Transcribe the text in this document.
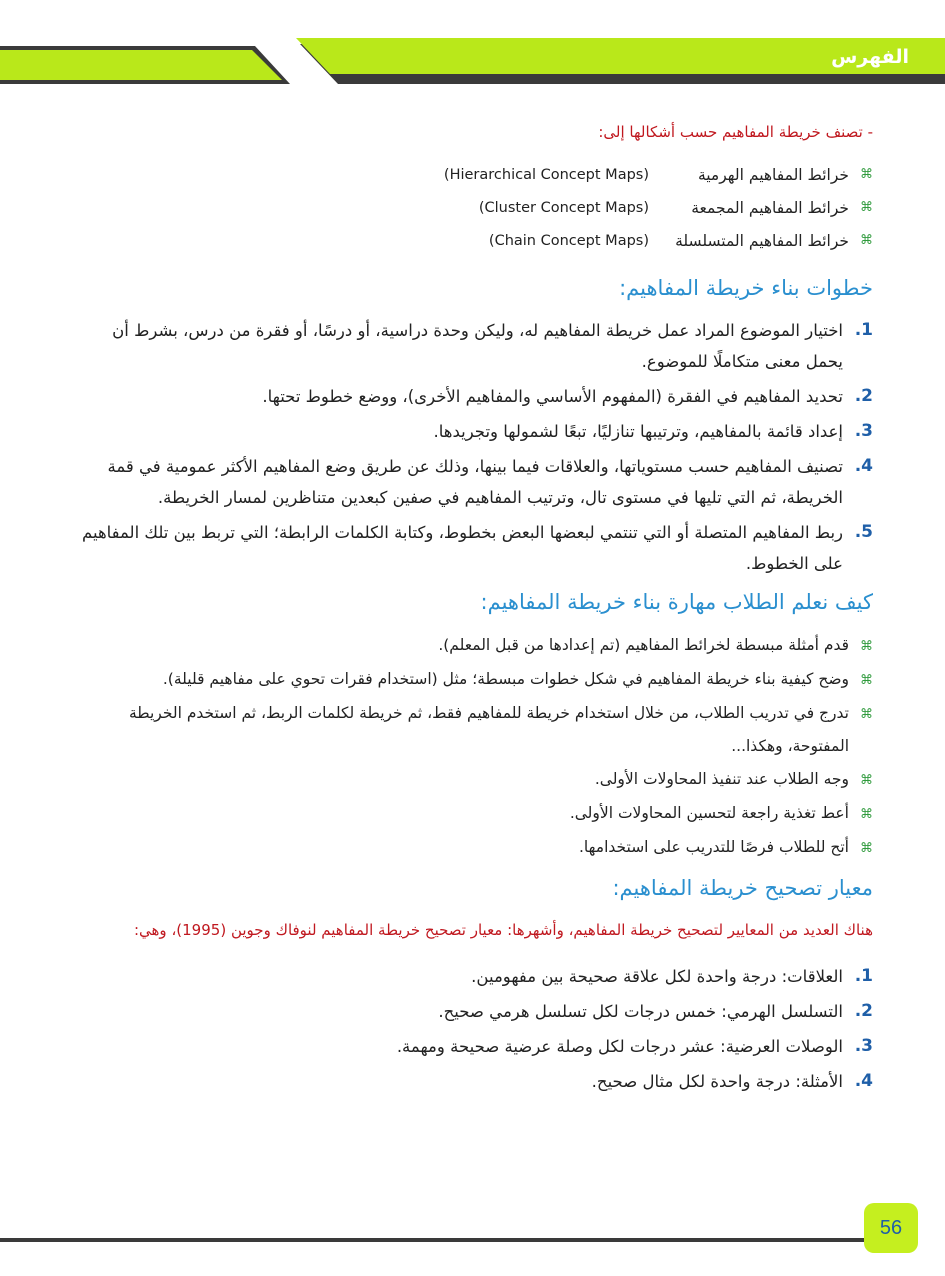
الفهرس

- تصنف خريطة المفاهيم حسب أشكالها إلى:

⌘
خرائط المفاهيم الهرمية
(Hierarchical Concept Maps)
⌘
خرائط المفاهيم المجمعة
(Cluster Concept Maps)
⌘
خرائط المفاهيم المتسلسلة
(Chain Concept Maps)
خطوات بناء خريطة المفاهيم:
1.
اختيار الموضوع المراد عمل خريطة المفاهيم له، وليكن وحدة دراسية، أو درسًا، أو فقرة من درس، بشرط أن يحمل معنى متكاملًا للموضوع.
2.
تحديد المفاهيم في الفقرة (المفهوم الأساسي والمفاهيم الأخرى)، ووضع خطوط تحتها.
3.
إعداد قائمة بالمفاهيم، وترتيبها تنازليًا، تبعًا لشمولها وتجريدها.
4.
تصنيف المفاهيم حسب مستوياتها، والعلاقات فيما بينها، وذلك عن طريق وضع المفاهيم الأكثر عمومية في قمة الخريطة، ثم التي تليها في مستوى تال، وترتيب المفاهيم في صفين كبعدين متناظرين لمسار الخريطة.
5.
ربط المفاهيم المتصلة أو التي تنتمي لبعضها البعض بخطوط، وكتابة الكلمات الرابطة؛ التي تربط بين تلك المفاهيم على الخطوط.
كيف نعلم الطلاب مهارة بناء خريطة المفاهيم:
⌘
قدم أمثلة مبسطة لخرائط المفاهيم (تم إعدادها من قبل المعلم).
⌘
وضح كيفية بناء خريطة المفاهيم في شكل خطوات مبسطة؛ مثل (استخدام فقرات تحوي على مفاهيم قليلة).
⌘
تدرج في تدريب الطلاب، من خلال استخدام خريطة للمفاهيم فقط، ثم خريطة لكلمات الربط، ثم استخدم الخريطة المفتوحة، وهكذا...
⌘
وجه الطلاب عند تنفيذ المحاولات الأولى.
⌘
أعط تغذية راجعة لتحسين المحاولات الأولى.
⌘
أتح للطلاب فرصًا للتدريب على استخدامها.
معيار تصحيح خريطة المفاهيم:

هناك العديد من المعايير لتصحيح خريطة المفاهيم، وأشهرها: معيار تصحيح خريطة المفاهيم لنوفاك وجوين (1995)، وهي:

1.
العلاقات: درجة واحدة لكل علاقة صحيحة بين مفهومين.
2.
التسلسل الهرمي: خمس درجات لكل تسلسل هرمي صحيح.
3.
الوصلات العرضية: عشر درجات لكل وصلة عرضية صحيحة ومهمة.
4.
الأمثلة: درجة واحدة لكل مثال صحيح.
56
